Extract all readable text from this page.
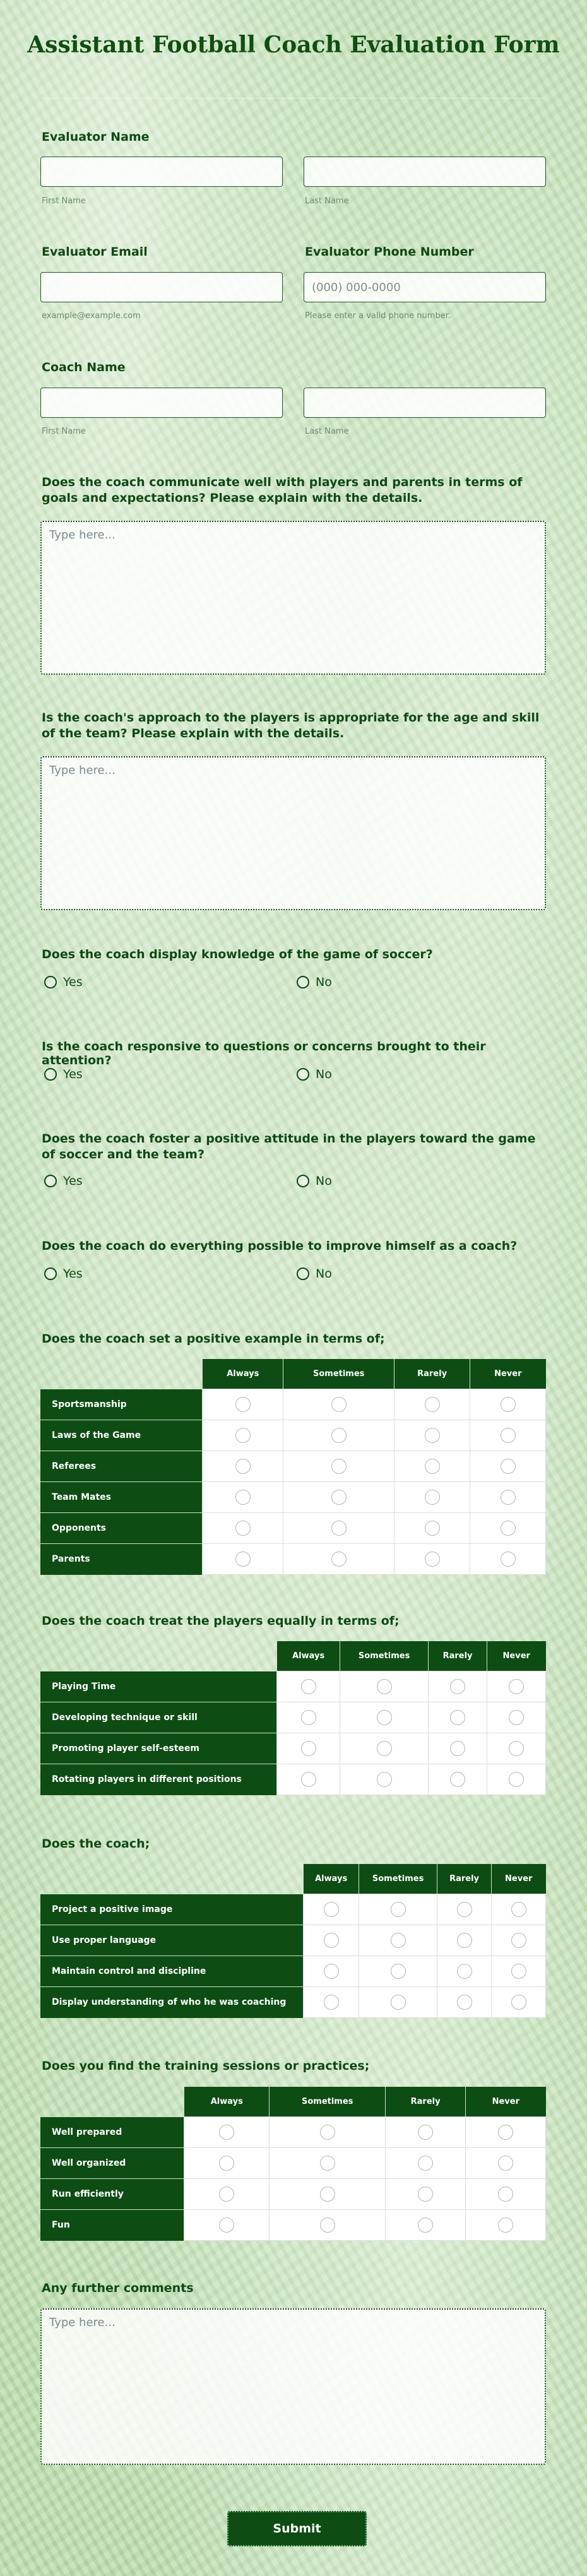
Assistant Football Coach Evaluation Form
Evaluator Name
First Name	Last Name
Evaluator Email	Evaluator Phone Number
(000) 000-0000
example@example.com	Please enter a valid phone number.
Coach Name
First Name	Last Name
Does the coach communicate well with players and parents in terms of goals and expectations? Please explain with the details.
Type here...
Is the coach's approach to the players is appropriate for the age and skill of the team? Please explain with the details.
Type here...
Does the coach display knowledge of the game of soccer?
Yes	No
Is the coach responsive to questions or concerns brought to their attention?
Yes	No
Does the coach foster a positive attitude in the players toward the game of soccer and the team?
Yes	No
Does the coach do everything possible to improve himself as a coach?
Yes	No
Does the coach set a positive example in terms of;
	Always	Sometimes	Rarely	Never
Sportsmanship				
Laws of the Game				
Referees				
Team Mates				
Opponents				
Parents				
Does the coach treat the players equally in terms of;
	Always	Sometimes	Rarely	Never
Playing Time				
Developing technique or skill				
Promoting player self-esteem				
Rotating players in different positions				
Does the coach;
	Always	Sometimes	Rarely	Never
Project a positive image				
Use proper language				
Maintain control and discipline				
Display understanding of who he was coaching				
Does you find the training sessions or practices;
	Always	Sometimes	Rarely	Never
Well prepared				
Well organized				
Run efficiently				
Fun				
Any further comments
Type here...
Submit
